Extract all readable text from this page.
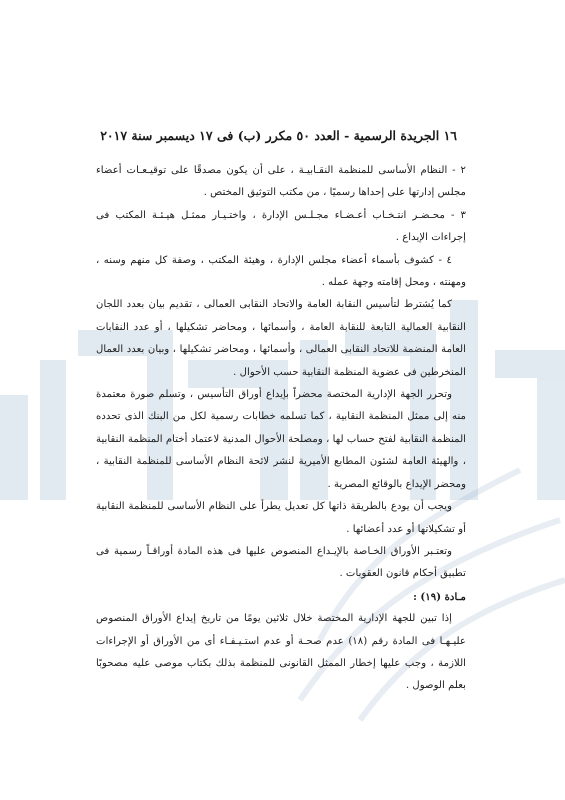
١٦ الجريدة الرسمية - العدد ٥٠ مكرر (ب) فى ١٧ ديسمبر سنة ٢٠١٧

٢ - النظام الأساسى للمنظمة النقـابيـة ، على أن يكون مصدقًا على توقيـعـات أعضاء مجلس إدارتها على إحداها رسميًا ، من مكتب التوثيق المختص .

٣ - محـضـر انتـخـاب أعـضـاء مجـلـس الإدارة ، واختـيـار ممثـل هيـئـة المكتب فى إجراءات الإيداع .

٤ - كشوف بأسماء أعضاء مجلس الإدارة ، وهيئة المكتب ، وصفة كل منهم وسنه ، ومهنته ، ومحل إقامته وجهة عمله .

كما يُشترط لتأسيس النقابة العامة والاتحاد النقابى العمالى ، تقديم بيان بعدد اللجان النقابية العمالية التابعة للنقابة العامة ، وأسمائها ، ومحاضر تشكيلها ، أو عدد النقابات العامة المنضمة للاتحاد النقابى العمالى ، وأسمائها ، ومحاضر تشكيلها ، وبيان بعدد العمال المنخرطين فى عضوية المنظمة النقابية حسب الأحوال .

وتحرر الجهة الإدارية المختصة محضراً بإيداع أوراق التأسيس ، وتسلم صورة معتمدة منه إلى ممثل المنظمة النقابية ، كما تسلمه خطابات رسمية لكل من البنك الذى تحدده المنظمة النقابية لفتح حساب لها ، ومصلحة الأحوال المدنية لاعتماد أختام المنظمة النقابية ، والهيئة العامة لشئون المطابع الأميرية لنشر لائحة النظام الأساسى للمنظمة النقابية ، ومحضر الإيداع بالوقائع المصرية .

ويجب أن يودع بالطريقة ذاتها كل تعديل يطرأ على النظام الأساسى للمنظمة النقابية أو تشكيلاتها أو عدد أعضائها .

وتعتـبر الأوراق الخـاصة بالإيـداع المنصوص عليها فى هذه المادة أوراقـاً رسمية فى تطبيق أحكام قانون العقوبات .

مـادة (١٩) :

إذا تبين للجهة الإدارية المختصة خلال ثلاثين يومًا من تاريخ إيداع الأوراق المنصوص عليـهـا فى المادة رقم (١٨) عدم صحـة أو عدم استـيـفـاء أى من الأوراق أو الإجراءات اللازمة ، وجب عليها إخطار الممثل القانونى للمنظمة بذلك بكتاب موصى عليه مصحوبًا بعلم الوصول .
